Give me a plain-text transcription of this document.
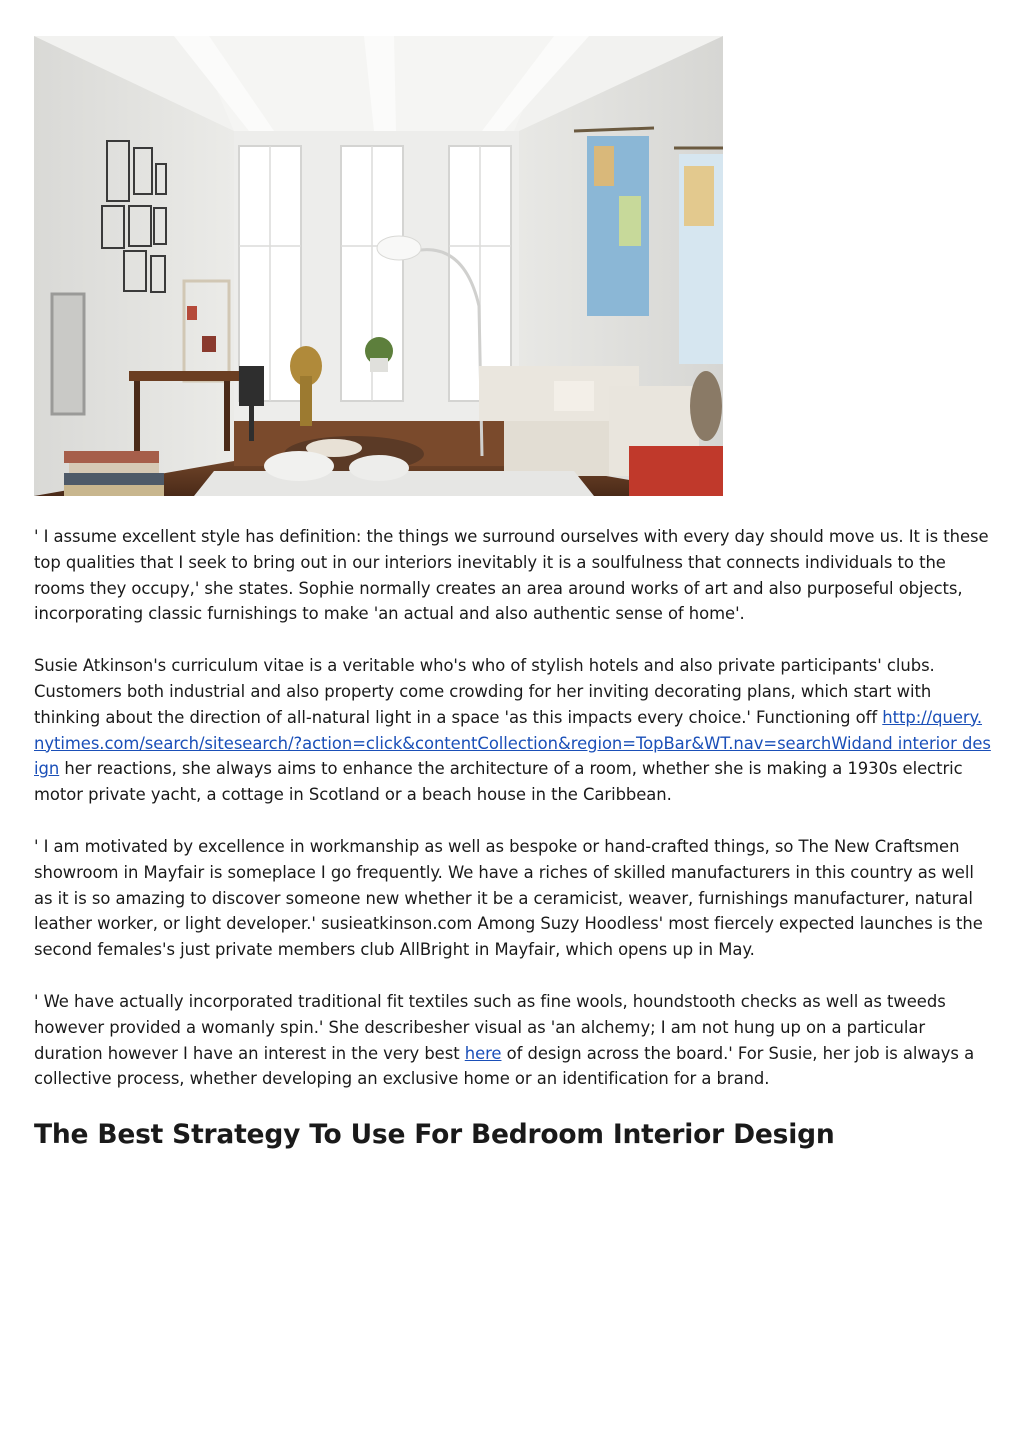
' I assume excellent style has definition: the things we surround ourselves with every day should move us. It is these top qualities that I seek to bring out in our interiors inevitably it is a soulfulness that connects individuals to the rooms they occupy,' she states. Sophie normally creates an area around works of art and also purposeful objects, incorporating classic furnishings to make 'an actual and also authentic sense of home'.

Susie Atkinson's curriculum vitae is a veritable who's who of stylish hotels and also private participants' clubs. Customers both industrial and also property come crowding for her inviting decorating plans, which start with thinking about the direction of all-natural light in a space 'as this impacts every choice.' Functioning off http://query.nytimes.com/search/sitesearch/?action=click&contentCollection&region=TopBar&WT.nav=searchWidand interior design her reactions, she always aims to enhance the architecture of a room, whether she is making a 1930s electric motor private yacht, a cottage in Scotland or a beach house in the Caribbean.

' I am motivated by excellence in workmanship as well as bespoke or hand-crafted things, so The New Craftsmen showroom in Mayfair is someplace I go frequently. We have a riches of skilled manufacturers in this country as well as it is so amazing to discover someone new whether it be a ceramicist, weaver, furnishings manufacturer, natural leather worker, or light developer.' susieatkinson.com Among Suzy Hoodless' most fiercely expected launches is the second females's just private members club AllBright in Mayfair, which opens up in May.

' We have actually incorporated traditional fit textiles such as fine wools, houndstooth checks as well as tweeds however provided a womanly spin.' She describesher visual as 'an alchemy; I am not hung up on a particular duration however I have an interest in the very best here of design across the board.' For Susie, her job is always a collective process, whether developing an exclusive home or an identification for a brand.

The Best Strategy To Use For Bedroom Interior Design
